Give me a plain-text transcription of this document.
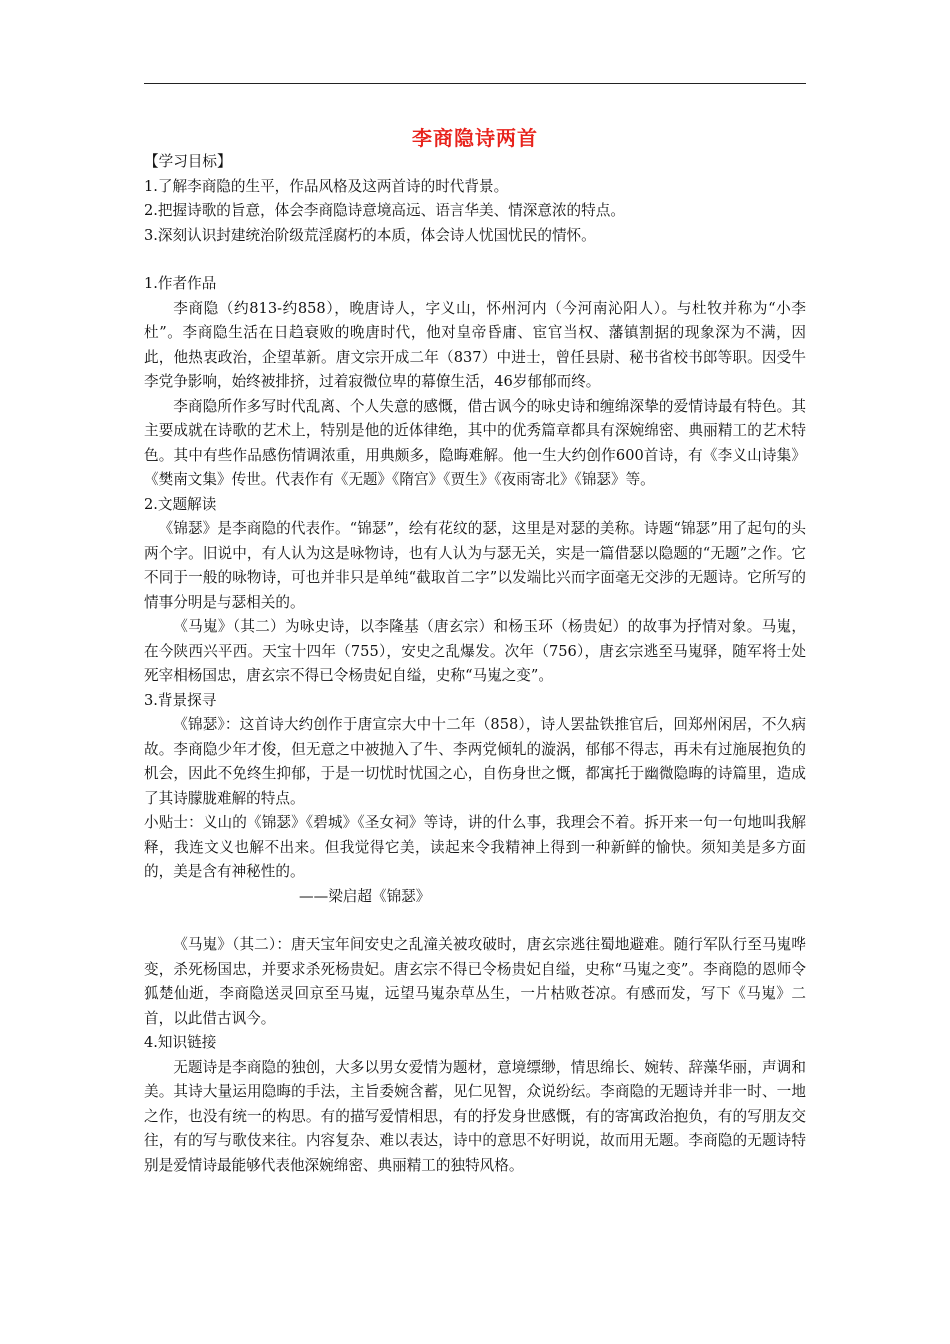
李商隐诗两首

【学习目标】

1.了解李商隐的生平，作品风格及这两首诗的时代背景。

2.把握诗歌的旨意，体会李商隐诗意境高远、语言华美、情深意浓的特点。

3.深刻认识封建统治阶级荒淫腐朽的本质，体会诗人忧国忧民的情怀。

1.作者作品

李商隐（约813-约858），晚唐诗人，字义山，怀州河内（今河南沁阳人）。与杜牧并称为“小李杜”。李商隐生活在日趋衰败的晚唐时代，他对皇帝昏庸、宦官当权、藩镇割据的现象深为不满，因此，他热衷政治，企望革新。唐文宗开成二年（837）中进士，曾任县尉、秘书省校书郎等职。因受牛李党争影响，始终被排挤，过着寂微位卑的幕僚生活，46岁郁郁而终。

李商隐所作多写时代乱离、个人失意的感慨，借古讽今的咏史诗和缠绵深挚的爱情诗最有特色。其主要成就在诗歌的艺术上，特别是他的近体律绝，其中的优秀篇章都具有深婉绵密、典丽精工的艺术特色。其中有些作品感伤情调浓重，用典颇多，隐晦难解。他一生大约创作600首诗，有《李义山诗集》《樊南文集》传世。代表作有《无题》《隋宫》《贾生》《夜雨寄北》《锦瑟》等。

2.文题解读

《锦瑟》是李商隐的代表作。“锦瑟”，绘有花纹的瑟，这里是对瑟的美称。诗题“锦瑟”用了起句的头两个字。旧说中，有人认为这是咏物诗，也有人认为与瑟无关，实是一篇借瑟以隐题的“无题”之作。它不同于一般的咏物诗，可也并非只是单纯“截取首二字”以发端比兴而字面毫无交涉的无题诗。它所写的情事分明是与瑟相关的。

《马嵬》（其二）为咏史诗，以李隆基（唐玄宗）和杨玉环（杨贵妃）的故事为抒情对象。马嵬，在今陕西兴平西。天宝十四年（755），安史之乱爆发。次年（756），唐玄宗逃至马嵬驿，随军将士处死宰相杨国忠，唐玄宗不得已令杨贵妃自缢，史称“马嵬之变”。

3.背景探寻

《锦瑟》：这首诗大约创作于唐宣宗大中十二年（858），诗人罢盐铁推官后，回郑州闲居，不久病故。李商隐少年才俊，但无意之中被抛入了牛、李两党倾轧的漩涡，郁郁不得志，再未有过施展抱负的机会，因此不免终生抑郁，于是一切忧时忧国之心，自伤身世之慨，都寓托于幽微隐晦的诗篇里，造成了其诗朦胧难解的特点。

小贴士：义山的《锦瑟》《碧城》《圣女祠》等诗，讲的什么事，我理会不着。拆开来一句一句地叫我解释，我连文义也解不出来。但我觉得它美，读起来令我精神上得到一种新鲜的愉快。须知美是多方面的，美是含有神秘性的。

——梁启超《锦瑟》

《马嵬》（其二）：唐天宝年间安史之乱潼关被攻破时，唐玄宗逃往蜀地避难。随行军队行至马嵬哗变，杀死杨国忠，并要求杀死杨贵妃。唐玄宗不得已令杨贵妃自缢，史称“马嵬之变”。李商隐的恩师令狐楚仙逝，李商隐送灵回京至马嵬，远望马嵬杂草丛生，一片枯败苍凉。有感而发，写下《马嵬》二首，以此借古讽今。

4.知识链接

无题诗是李商隐的独创，大多以男女爱情为题材，意境缥缈，情思绵长、婉转、辞藻华丽，声调和美。其诗大量运用隐晦的手法，主旨委婉含蓄，见仁见智，众说纷纭。李商隐的无题诗并非一时、一地之作，也没有统一的构思。有的描写爱情相思，有的抒发身世感慨，有的寄寓政治抱负，有的写朋友交往，有的写与歌伎来往。内容复杂、难以表达，诗中的意思不好明说，故而用无题。李商隐的无题诗特别是爱情诗最能够代表他深婉绵密、典丽精工的独特风格。
